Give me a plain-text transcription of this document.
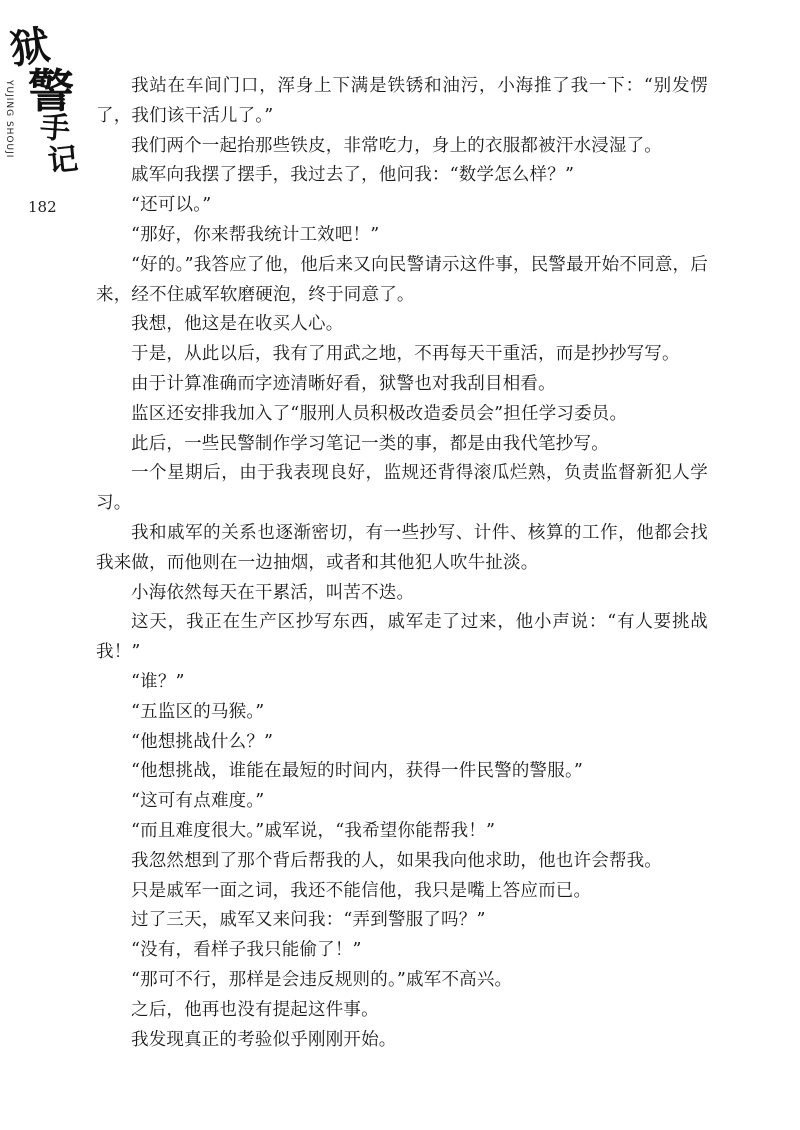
狱
警
手
记
YUJING SHOUJI
182

我站在车间门口，浑身上下满是铁锈和油污，小海推了我一下：“别发愣了，我们该干活儿了。”

我们两个一起抬那些铁皮，非常吃力，身上的衣服都被汗水浸湿了。

戚军向我摆了摆手，我过去了，他问我：“数学怎么样？”

“还可以。”

“那好，你来帮我统计工效吧！”

“好的。”我答应了他，他后来又向民警请示这件事，民警最开始不同意，后来，经不住戚军软磨硬泡，终于同意了。

我想，他这是在收买人心。

于是，从此以后，我有了用武之地，不再每天干重活，而是抄抄写写。

由于计算准确而字迹清晰好看，狱警也对我刮目相看。

监区还安排我加入了“服刑人员积极改造委员会”担任学习委员。

此后，一些民警制作学习笔记一类的事，都是由我代笔抄写。

一个星期后，由于我表现良好，监规还背得滚瓜烂熟，负责监督新犯人学习。

我和戚军的关系也逐渐密切，有一些抄写、计件、核算的工作，他都会找我来做，而他则在一边抽烟，或者和其他犯人吹牛扯淡。

小海依然每天在干累活，叫苦不迭。

这天，我正在生产区抄写东西，戚军走了过来，他小声说：“有人要挑战我！”

“谁？”

“五监区的马猴。”

“他想挑战什么？”

“他想挑战，谁能在最短的时间内，获得一件民警的警服。”

“这可有点难度。”

“而且难度很大。”戚军说，“我希望你能帮我！”

我忽然想到了那个背后帮我的人，如果我向他求助，他也许会帮我。

只是戚军一面之词，我还不能信他，我只是嘴上答应而已。

过了三天，戚军又来问我：“弄到警服了吗？”

“没有，看样子我只能偷了！”

“那可不行，那样是会违反规则的。”戚军不高兴。

之后，他再也没有提起这件事。

我发现真正的考验似乎刚刚开始。
